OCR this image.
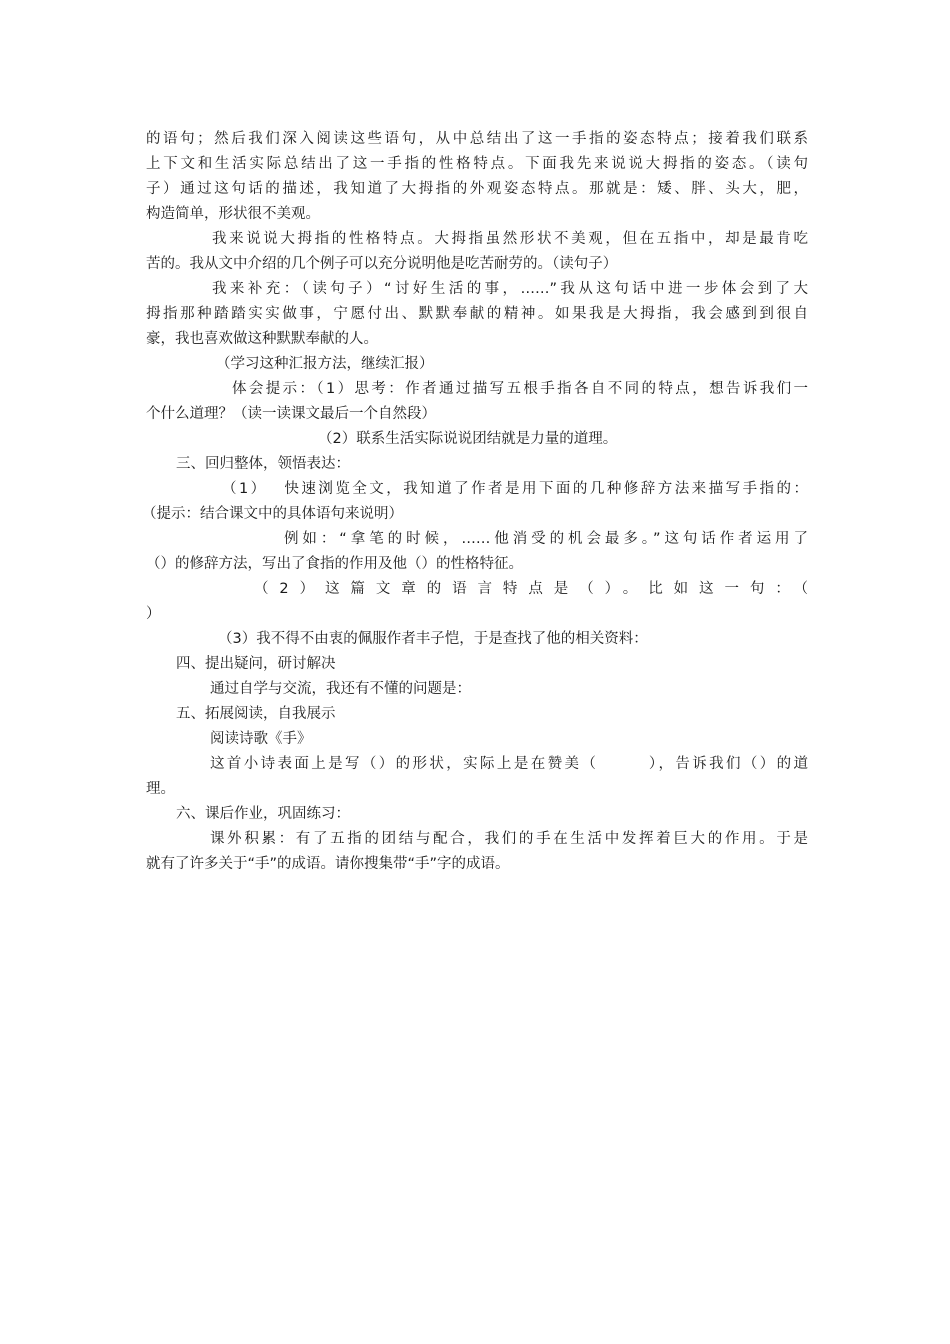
的语句；然后我们深入阅读这些语句，从中总结出了这一手指的姿态特点；接着我们联系
上下文和生活实际总结出了这一手指的性格特点。下面我先来说说大拇指的姿态。（读句
子）通过这句话的描述，我知道了大拇指的外观姿态特点。那就是：矮、胖、头大，肥，
构造简单，形状很不美观。
我来说说大拇指的性格特点。大拇指虽然形状不美观，但在五指中，却是最肯吃
苦的。我从文中介绍的几个例子可以充分说明他是吃苦耐劳的。（读句子）
我来补充：（读句子）“讨好生活的事，……”我从这句话中进一步体会到了大
拇指那种踏踏实实做事，宁愿付出、默默奉献的精神。如果我是大拇指，我会感到到很自
豪，我也喜欢做这种默默奉献的人。
（学习这种汇报方法，继续汇报）
体会提示：（1）思考：作者通过描写五根手指各自不同的特点，想告诉我们一
个什么道理？（读一读课文最后一个自然段）
（2）联系生活实际说说团结就是力量的道理。
三、回归整体，领悟表达：
（1）　 快速浏览全文，我知道了作者是用下面的几种修辞方法来描写手指的：
（提示：结合课文中的具体语句来说明）
例如：“拿笔的时候，……他消受的机会最多。”这句话作者运用了
（）的修辞方法，写出了食指的作用及他（）的性格特征。
（2）这篇文章的语言特点是（）。比如这一句：（
）
（3）我不得不由衷的佩服作者丰子恺，于是查找了他的相关资料：
四、提出疑问，研讨解决
通过自学与交流，我还有不懂的问题是：
五、拓展阅读，自我展示
阅读诗歌《手》
这首小诗表面上是写（）的形状，实际上是在赞美（　　　），告诉我们（）的道
理。
六、课后作业，巩固练习：
课外积累：有了五指的团结与配合，我们的手在生活中发挥着巨大的作用。于是
就有了许多关于“手”的成语。请你搜集带“手”字的成语。
